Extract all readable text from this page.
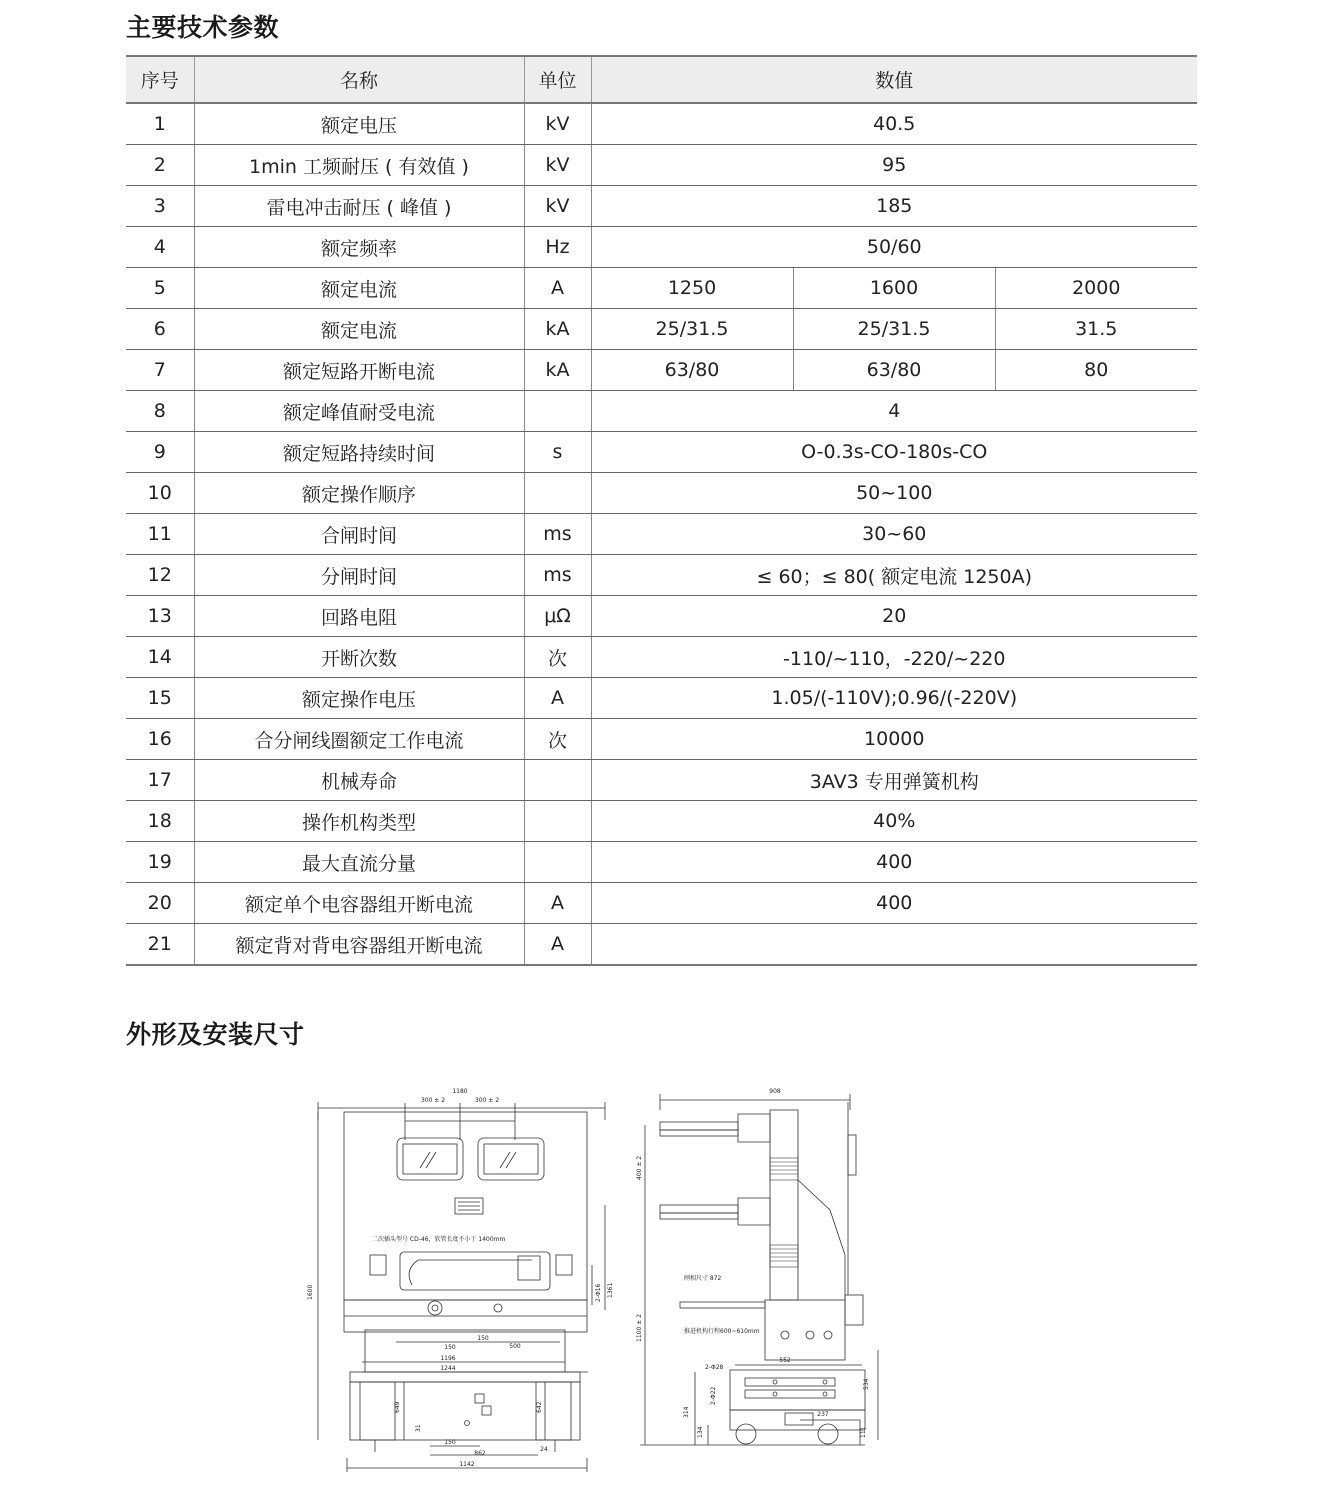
主要技术参数
序号	名称	单位	数值		
1	额定电压	kV	40.5		
2	1min 工频耐压 ( 有效值 )	kV	95		
3	雷电冲击耐压 ( 峰值 )	kV	185		
4	额定频率	Hz	50/60		
5	额定电流	A	1250	1600	2000
6	额定电流	kA	25/31.5	25/31.5	31.5
7	额定短路开断电流	kA	63/80	63/80	80
8	额定峰值耐受电流		4		
9	额定短路持续时间	s	O-0.3s-CO-180s-CO		
10	额定操作顺序		50~100		
11	合闸时间	ms	30~60		
12	分闸时间	ms	≤ 60；≤ 80( 额定电流 1250A)		
13	回路电阻	μΩ	20		
14	开断次数	次	-110/~110，-220/~220		
15	额定操作电压	A	1.05/(-110V);0.96/(-220V)		
16	合分闸线圈额定工作电流	次	10000		
17	机械寿命		3AV3 专用弹簧机构		
18	操作机构类型		40%		
19	最大直流分量		400		
20	额定单个电容器组开断电流	A	400		
21	额定背对背电容器组开断电流	A			
外形及安装尺寸
1180
300 ± 2	300 ± 2
二次插头型号 CD-46，软管长度不小于 1400mm
1600	1361
2-Φ16
150
150
500
1196
1244
649	642
31
150
862
24
1142
908
400 ± 2
闸相尺寸 872
1100 ± 2	推进机构行程600~610mm
552
2-Φ28
2-Φ22
534
314
134
237
111
